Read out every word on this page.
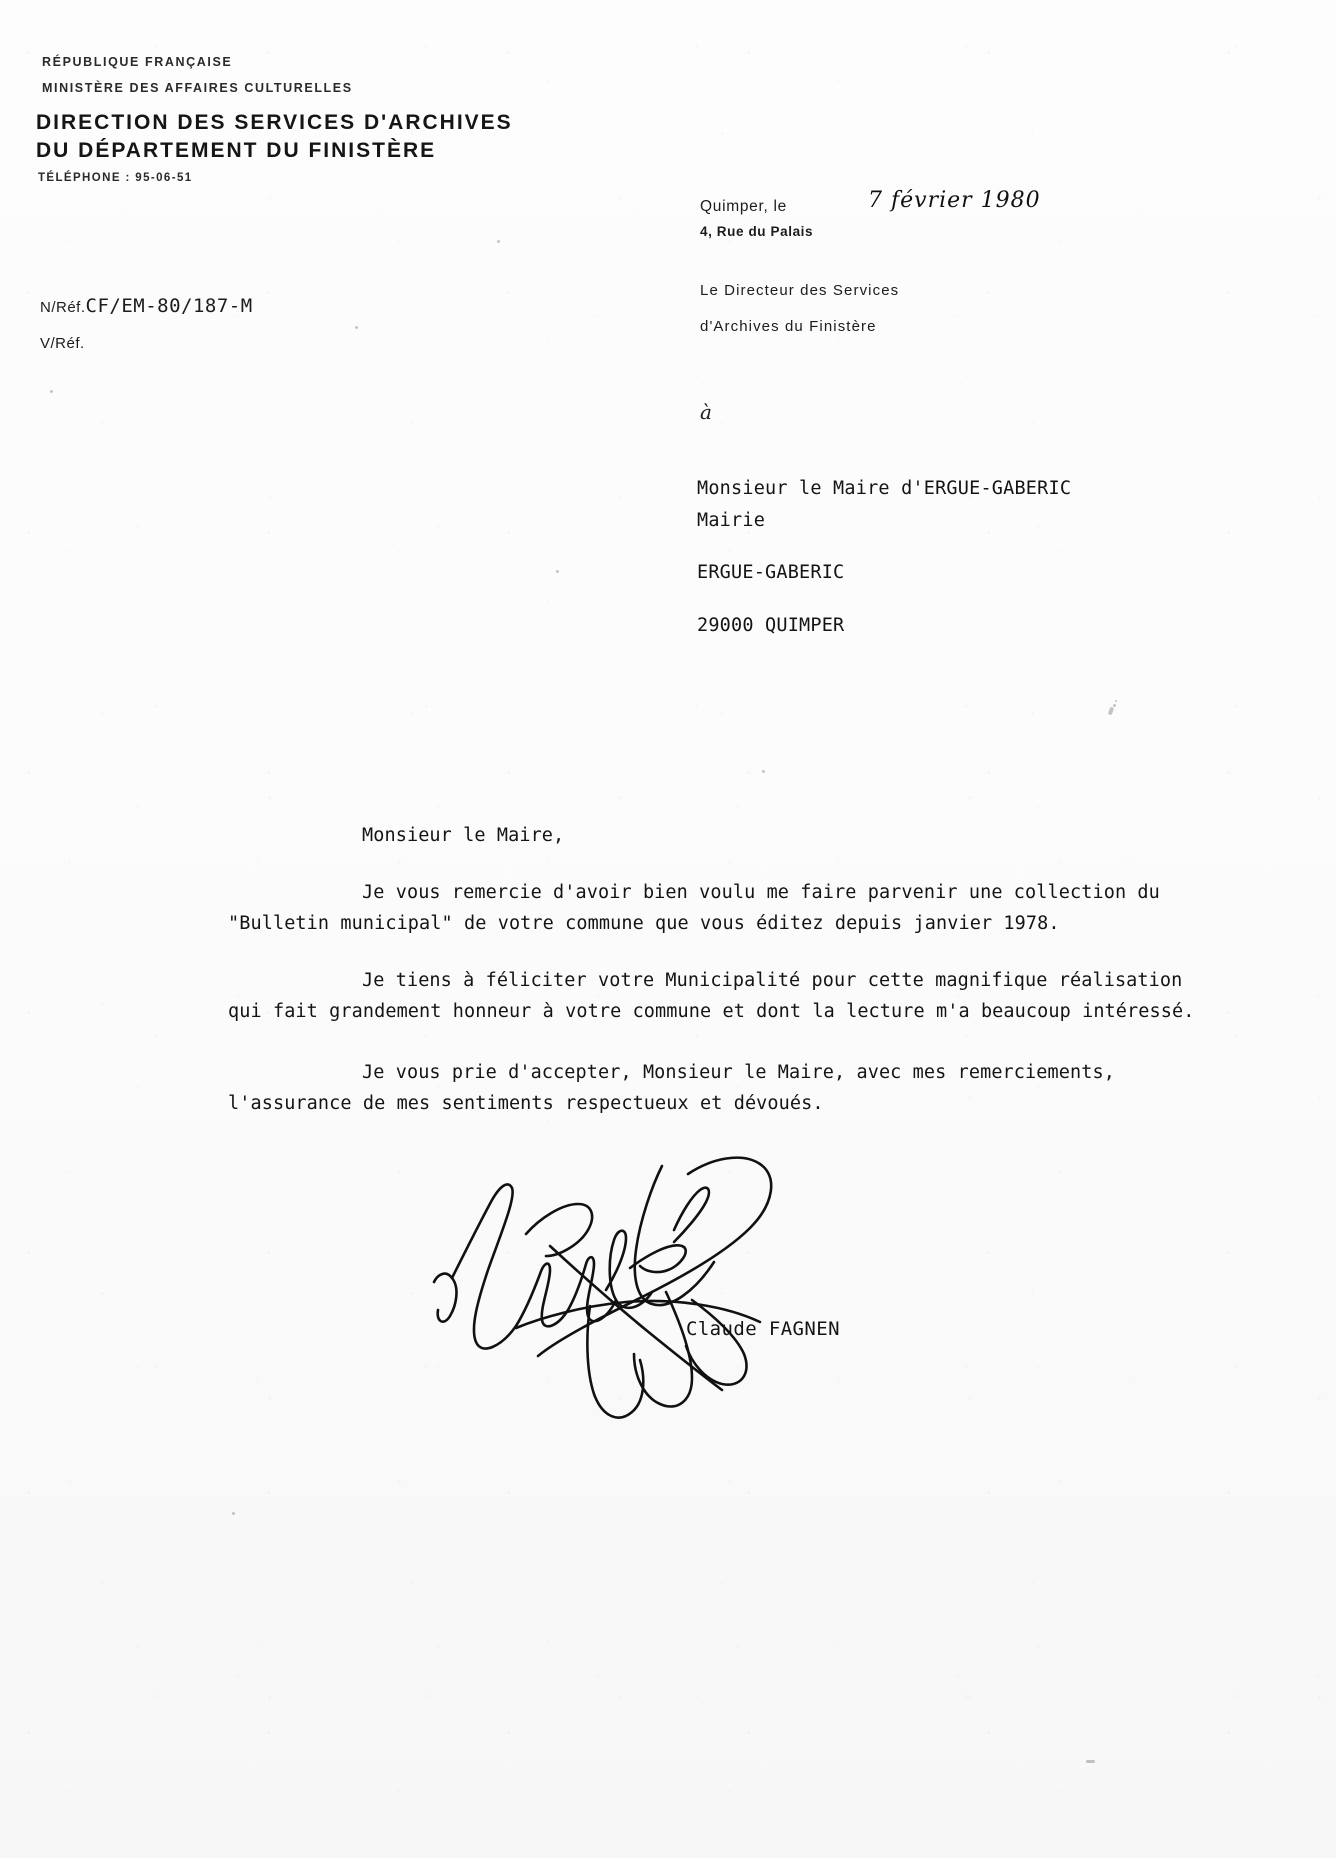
RÉPUBLIQUE FRANÇAISE
MINISTÈRE DES AFFAIRES CULTURELLES
DIRECTION DES SERVICES D'ARCHIVES
DU DÉPARTEMENT DU FINISTÈRE
TÉLÉPHONE : 95-06-51
Quimper, le	7 février 1980
4, Rue du Palais
N/Réf.CF/EM-80/187-M
V/Réf.
Le Directeur des Services
d'Archives du Finistère
à
Monsieur le Maire d'ERGUE-GABERIC
Mairie
ERGUE-GABERIC
29000 QUIMPER
Monsieur le Maire,
Je vous remercie d'avoir bien voulu me faire parvenir une collection du "Bulletin municipal" de votre commune que vous éditez depuis janvier 1978.
Je tiens à féliciter votre Municipalité pour cette magnifique réalisation qui fait grandement honneur à votre commune et dont la lecture m'a beaucoup intéressé.
Je vous prie d'accepter, Monsieur le Maire, avec mes remerciements, l'assurance de mes sentiments respectueux et dévoués.
Claude FAGNEN
